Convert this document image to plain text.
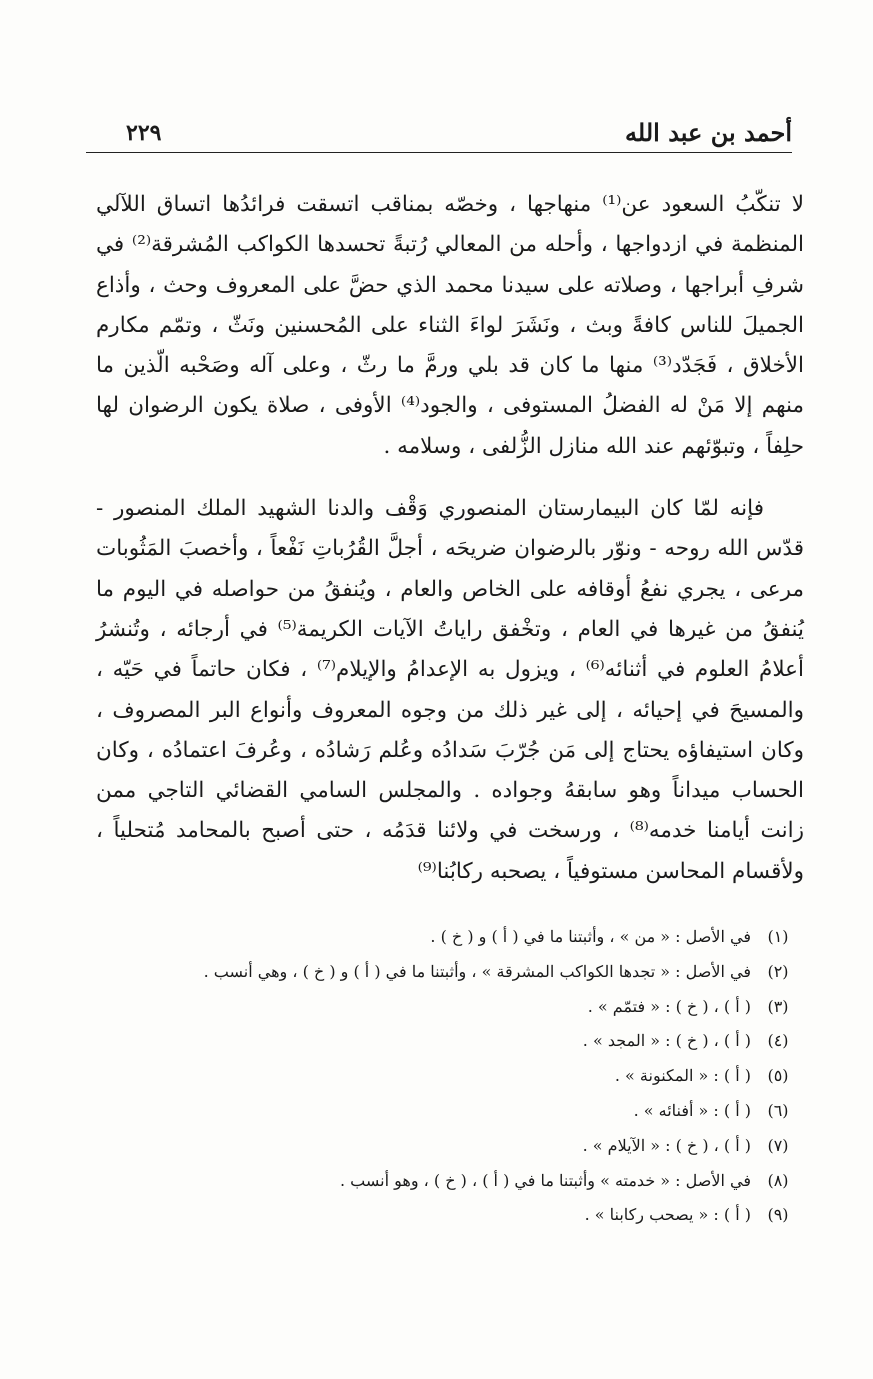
أحمد بن عبد الله
٢٢٩

لا تنكّبُ السعود عن⁽¹⁾ منهاجها ، وخصّه بمناقب اتسقت فرائدُها اتساق اللآلي المنظمة في ازدواجها ، وأحله من المعالي رُتبةً تحسدها الكواكب المُشرقة⁽²⁾ في شرفِ أبراجها ، وصلاته على سيدنا محمد الذي حضَّ على المعروف وحث ، وأذاع الجميلَ للناس كافةً وبث ، ونَشَرَ لواءَ الثناء على المُحسنين ونَثّ ، وتمّم مكارم الأخلاق ، فَجَدّد⁽³⁾ منها ما كان قد بلي ورمَّ ما رثّ ، وعلى آله وصَحْبه الّذين ما منهم إلا مَنْ له الفضلُ المستوفى ، والجود⁽⁴⁾ الأوفى ، صلاة يكون الرضوان لها حلِفاً ، وتبوّئهم عند الله منازل الزُّلفى ، وسلامه .

فإنه لمّا كان البيمارستان المنصوري وَقْف والدنا الشهيد الملك المنصور - قدّس الله روحه - ونوّر بالرضوان ضريحَه ، أجلَّ القُرُباتِ نَفْعاً ، وأخصبَ المَثُوبات مرعى ، يجري نفعُ أوقافه على الخاص والعام ، ويُنفقُ من حواصله في اليوم ما يُنفقُ من غيرها في العام ، وتخْفق راياتُ الآيات الكريمة⁽⁵⁾ في أرجائه ، وتُنشرُ أعلامُ العلوم في أثنائه⁽⁶⁾ ، ويزول به الإعدامُ والإيلام⁽⁷⁾ ، فكان حاتماً في حَيّه ، والمسيحَ في إحيائه ، إلى غير ذلك من وجوه المعروف وأنواع البر المصروف ، وكان استيفاؤه يحتاج إلى مَن جُرّبَ سَدادُه وعُلم رَشادُه ، وعُرفَ اعتمادُه ، وكان الحساب ميداناً وهو سابقهُ وجواده . والمجلس السامي القضائي التاجي ممن زانت أيامنا خدمه⁽⁸⁾ ، ورسخت في ولائنا قدَمُه ، حتى أصبح بالمحامد مُتحلياً ، ولأقسام المحاسن مستوفياً ، يصحبه ركابُنا⁽⁹⁾

(١)
في الأصل : « من » ، وأثبتنا ما في ( أ ) و ( خ ) .
(٢)
في الأصل : « تجدها الكواكب المشرقة » ، وأثبتنا ما في ( أ ) و ( خ ) ، وهي أنسب .
(٣)
( أ ) ، ( خ ) : « فتمّم » .
(٤)
( أ ) ، ( خ ) : « المجد » .
(٥)
( أ ) : « المكنونة » .
(٦)
( أ ) : « أفنائه » .
(٧)
( أ ) ، ( خ ) : « الآيلام » .
(٨)
في الأصل : « خدمته » وأثبتنا ما في ( أ ) ، ( خ ) ، وهو أنسب .
(٩)
( أ ) : « يصحب ركابنا » .
